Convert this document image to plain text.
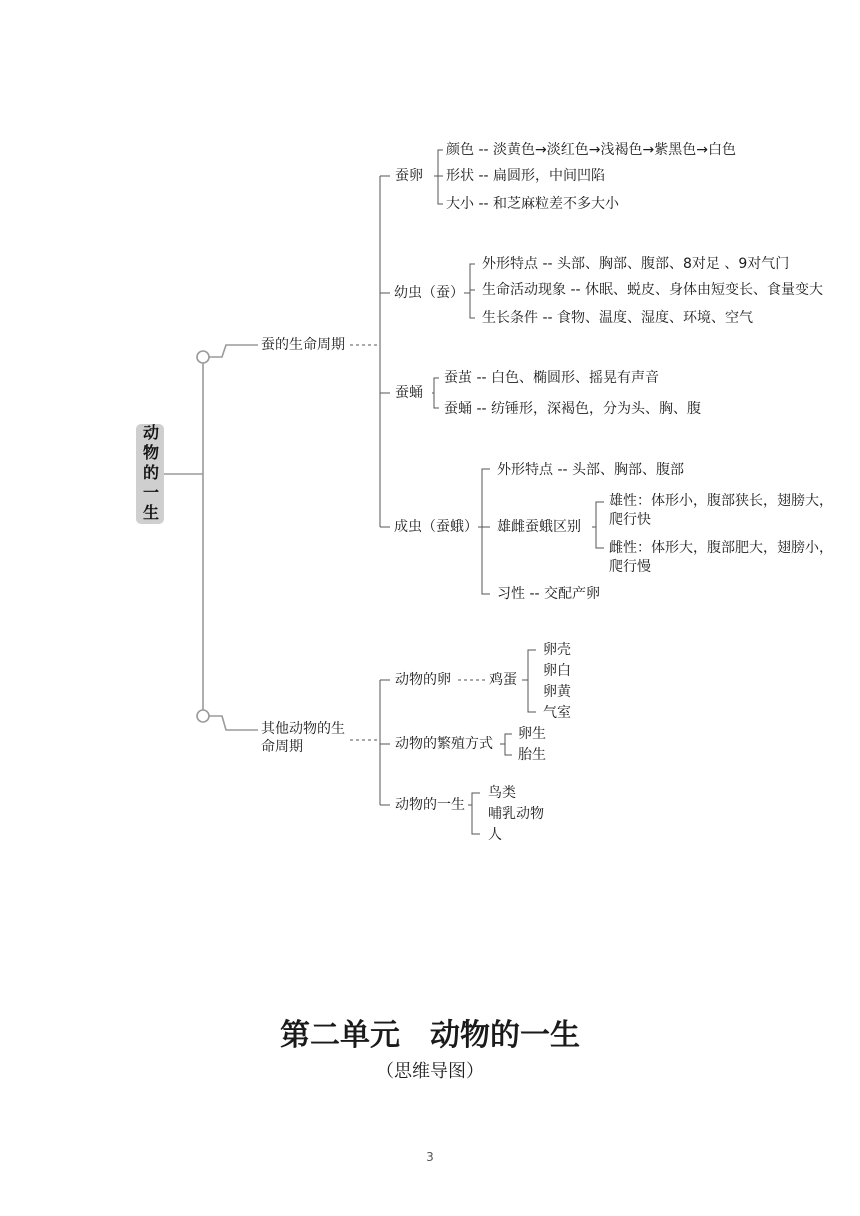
动物的一生
蚕的生命周期
蚕卵
颜色 -- 淡黄色→淡红色→浅褐色→紫黑色→白色
形状 -- 扁圆形，中间凹陷
大小 -- 和芝麻粒差不多大小
幼虫（蚕）
外形特点 -- 头部、胸部、腹部、8对足 、9对气门
生命活动现象 -- 休眠、蜕皮、身体由短变长、食量变大
生长条件 -- 食物、温度、湿度、环境、空气
蚕蛹
蚕茧 -- 白色、椭圆形、摇晃有声音
蚕蛹 -- 纺锤形，深褐色，分为头、胸、腹
成虫（蚕蛾）
外形特点 -- 头部、胸部、腹部
雄雌蚕蛾区别
雄性：体形小，腹部狭长，翅膀大，
爬行快
雌性：体形大，腹部肥大，翅膀小，
爬行慢
习性 -- 交配产卵
其他动物的生
命周期
动物的卵	鸡蛋
卵壳
卵白
卵黄
气室
动物的繁殖方式
卵生
胎生
动物的一生
鸟类
哺乳动物
人
第二单元　动物的一生
（思维导图）
3
